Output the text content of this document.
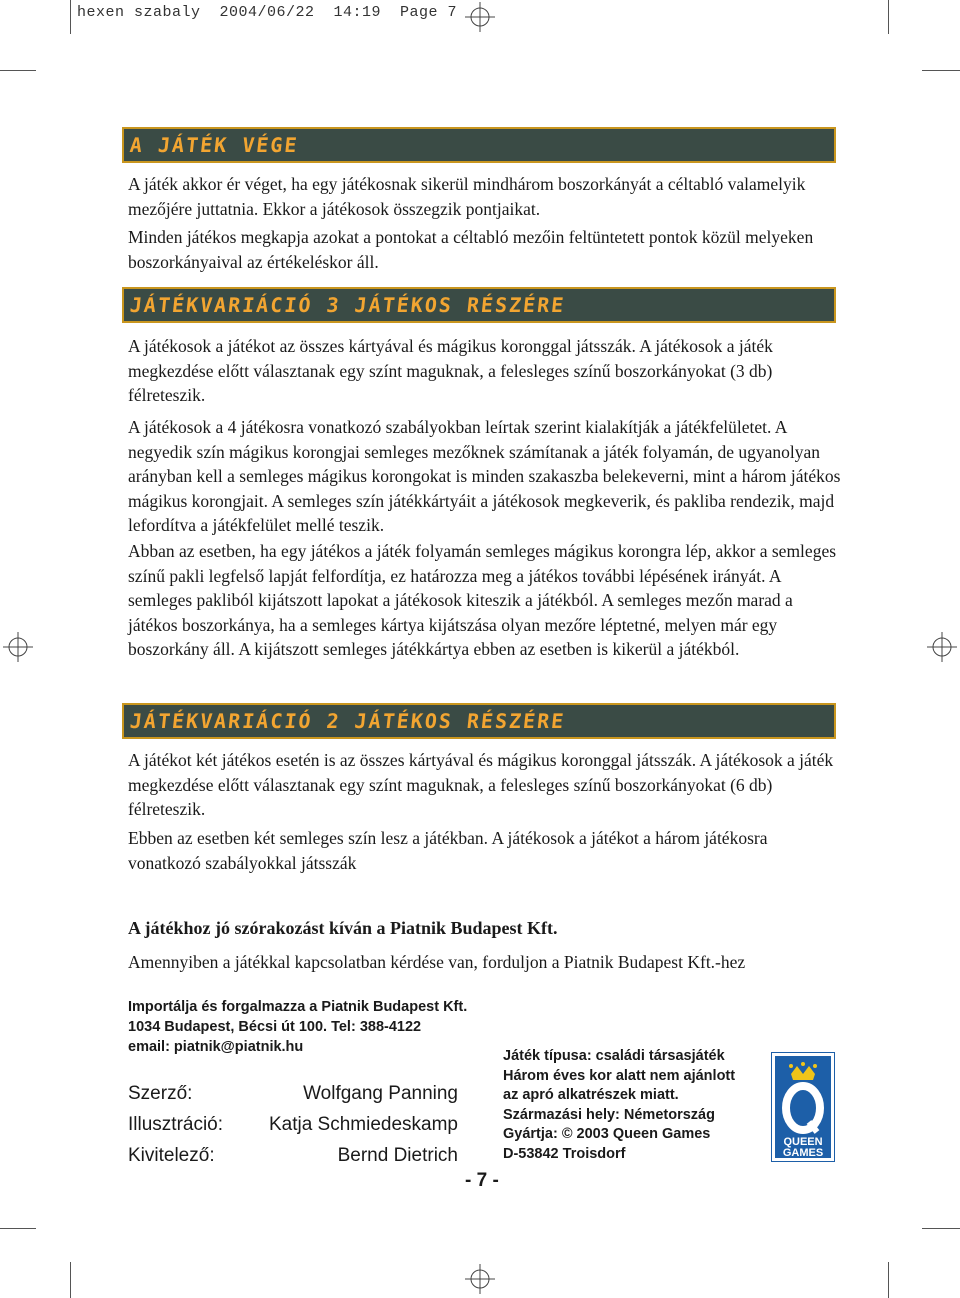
hexen szabaly  2004/06/22  14:19  Page 7
A JÁTÉK VÉGE

A játék akkor ér véget, ha egy játékosnak sikerül mindhárom boszorkányát a céltabló valamelyik mezőjére juttatnia. Ekkor a játékosok összegzik pontjaikat.

Minden játékos megkapja azokat a pontokat a céltabló mezőin feltüntetett pontok közül melyeken boszorkányaival az értékeléskor áll.

JÁTÉKVARIÁCIÓ 3 JÁTÉKOS RÉSZÉRE

A játékosok a játékot az összes kártyával és mágikus koronggal játsszák. A játékosok a játék megkezdése előtt választanak egy színt maguknak, a felesleges színű boszorkányokat (3 db) félreteszik.

A játékosok a 4 játékosra vonatkozó szabályokban leírtak szerint kialakítják a játékfelületet. A negyedik szín mágikus korongjai semleges mezőknek számítanak a játék folyamán, de ugyanolyan arányban kell a semleges mágikus korongokat is minden szakaszba belekeverni, mint a három játékos mágikus korongjait. A semleges szín játékkártyáit a játékosok megkeverik, és pakliba rendezik, majd lefordítva a játékfelület mellé teszik.

Abban az esetben, ha egy játékos a játék folyamán semleges mágikus korongra lép, akkor a semleges színű pakli legfelső lapját felfordítja, ez határozza meg a játékos további lépésének irányát. A semleges pakliból kijátszott lapokat a játékosok kiteszik a játékból. A semleges mezőn marad a játékos boszorkánya, ha a semleges kártya kijátszása olyan mezőre léptetné, melyen már egy boszorkány áll. A kijátszott semleges játékkártya ebben az esetben is kikerül a játékból.

JÁTÉKVARIÁCIÓ 2 JÁTÉKOS RÉSZÉRE

A játékot két játékos esetén is az összes kártyával és mágikus koronggal játsszák. A játékosok a játék megkezdése előtt választanak egy színt maguknak, a felesleges színű boszorkányokat (6 db) félreteszik.

Ebben az esetben két semleges szín lesz a játékban. A játékosok a játékot a három játékosra vonatkozó szabályokkal játsszák

A játékhoz jó szórakozást kíván a Piatnik Budapest Kft.

Amennyiben a játékkal kapcsolatban kérdése van, forduljon a Piatnik Budapest Kft.-hez

Importálja és forgalmazza a Piatnik Budapest Kft.
1034 Budapest, Bécsi út 100. Tel: 388-4122
email: piatnik@piatnik.hu
Szerző:	Wolfgang Panning
Illusztráció: Katja Schmiedeskamp
Kivitelező:	Bernd Dietrich
Játék típusa: családi társasjáték
Három éves kor alatt nem ajánlott
az apró alkatrészek miatt.
Származási hely: Németország
Gyártja: © 2003 Queen Games
D-53842 Troisdorf
- 7 -
QUEEN
GAMES
